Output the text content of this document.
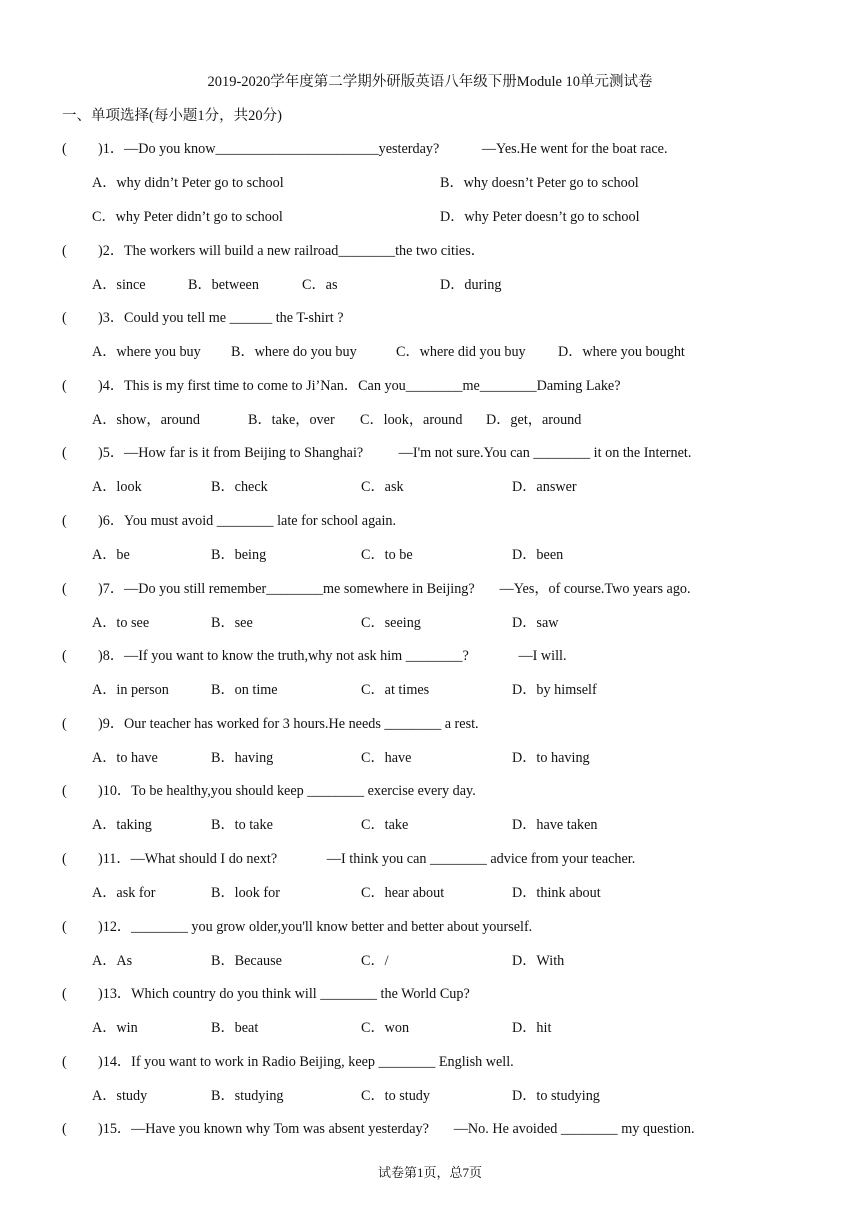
2019-2020学年度第二学期外研版英语八年级下册Module 10单元测试卷
一、单项选择(每小题1分，共20分)
( )1．—Do you know_______________________yesterday?            —Yes.He went for the boat race.
A．why didn’t Peter go to school	B．why doesn’t Peter go to school
C．why Peter didn’t go to school	D．why Peter doesn’t go to school
( )2．The workers will build a new railroad________the two cities．
A．since	B．between	C．as	D．during
( )3．Could you tell me ______ the T-shirt ?
A．where you buy B．where do you buy	C．where did you buy D．where you bought
( )4．This is my first time to come to Ji’Nan．Can you________me________Daming Lake?
A．show，around	B．take，over C．look，around D．get，around
( )5．—How far is it from Beijing to Shanghai?          —I'm not sure.You can ________ it on the Internet.
A．look	B．check	C．ask	D．answer
( )6．You must avoid ________ late for school again.
A．be	B．being	C．to be	D．been
( )7．—Do you still remember________me somewhere in Beijing?       —Yes，of course.Two years ago.
A．to see	B．see	C．seeing	D．saw
( )8．—If you want to know the truth,why not ask him ________?              —I will.
A．in person	B．on time	C．at times	D．by himself
( )9．Our teacher has worked for 3 hours.He needs ________ a rest.
A．to have	B．having	C．have	D．to having
( )10．To be healthy,you should keep ________ exercise every day.
A．taking	B．to take	C．take	D．have taken
( )11．—What should I do next?              —I think you can ________ advice from your teacher.
A．ask for	B．look for	C．hear about	D．think about
( )12．________ you grow older,you'll know better and better about yourself.
A．As	B．Because	C．/	D．With
( )13．Which country do you think will ________ the World Cup?
A．win	B．beat	C．won	D．hit
( )14．If you want to work in Radio Beijing, keep ________ English well.
A．study	B．studying	C．to study	D．to studying
( )15．—Have you known why Tom was absent yesterday?       —No. He avoided ________ my question.
试卷第1页，总7页
